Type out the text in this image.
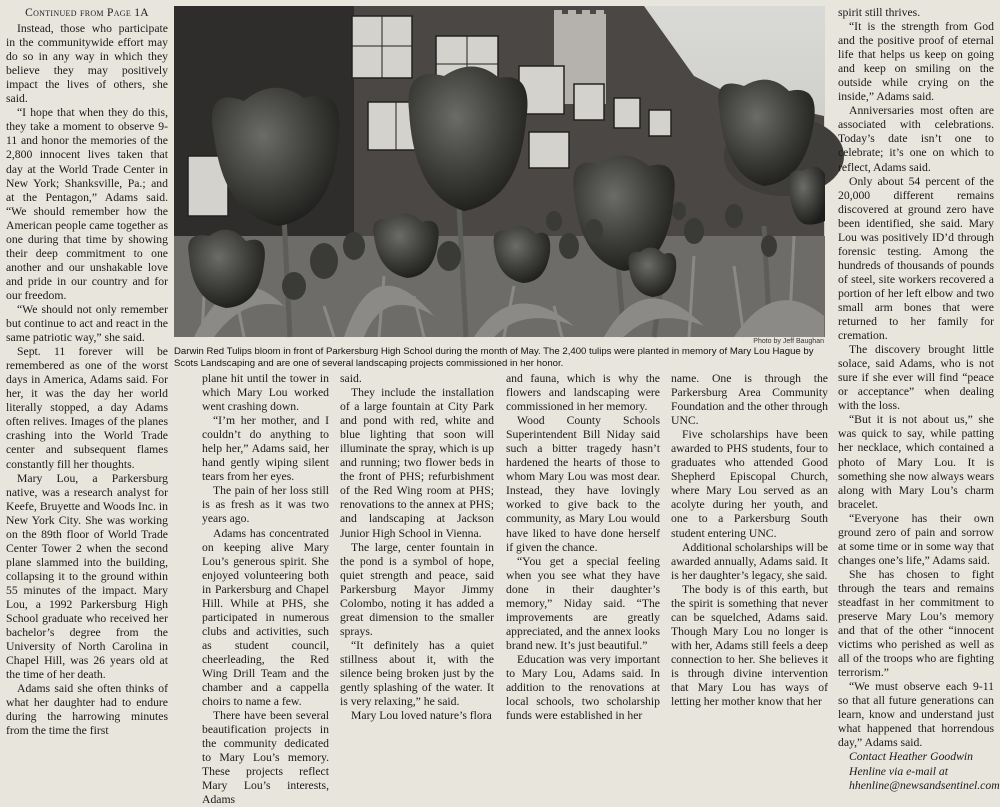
Continued from Page 1A

Instead, those who participate in the communitywide effort may do so in any way in which they believe they may positively impact the lives of others, she said.

“I hope that when they do this, they take a moment to observe 9-11 and honor the memories of the 2,800 innocent lives taken that day at the World Trade Center in New York; Shanksville, Pa.; and at the Pentagon,” Adams said. “We should remember how the American people came together as one during that time by showing their deep commitment to one another and our unshakable love and pride in our country and for our freedom.

“We should not only remember but continue to act and react in the same patriotic way,” she said.

Sept. 11 forever will be remembered as one of the worst days in America, Adams said. For her, it was the day her world literally stopped, a day Adams often relives. Images of the planes crashing into the World Trade center and subsequent flames constantly fill her thoughts.

Mary Lou, a Parkersburg native, was a research analyst for Keefe, Bruyette and Woods Inc. in New York City. She was working on the 89th floor of World Trade Center Tower 2 when the second plane slammed into the building, collapsing it to the ground within 55 minutes of the impact. Mary Lou, a 1992 Parkersburg High School graduate who received her bachelor’s degree from the University of North Carolina in Chapel Hill, was 26 years old at the time of her death.

Adams said she often thinks of what her daughter had to endure during the harrowing minutes from the time the first

Photo by Jeff Baughan
Darwin Red Tulips bloom in front of Parkersburg High School during the month of May. The 2,400 tulips were planted in memory of Mary Lou Hague by Scots Landscaping and are one of several landscaping projects commissioned in her honor.

plane hit until the tower in which Mary Lou worked went crashing down.

“I’m her mother, and I couldn’t do anything to help her,” Adams said, her hand gently wiping silent tears from her eyes.

The pain of her loss still is as fresh as it was two years ago.

Adams has concentrated on keeping alive Mary Lou’s generous spirit. She enjoyed volunteering both in Parkersburg and Chapel Hill. While at PHS, she participated in numerous clubs and activities, such as student council, cheerleading, the Red Wing Drill Team and the chamber and a cappella choirs to name a few.

There have been several beautification projects in the community dedicated to Mary Lou’s memory. These projects reflect Mary Lou’s interests, Adams

said.

They include the installation of a large fountain at City Park and pond with red, white and blue lighting that soon will illuminate the spray, which is up and running; two flower beds in the front of PHS; refurbishment of the Red Wing room at PHS; renovations to the annex at PHS; and landscaping at Jackson Junior High School in Vienna.

The large, center fountain in the pond is a symbol of hope, quiet strength and peace, said Parkersburg Mayor Jimmy Colombo, noting it has added a great dimension to the smaller sprays.

“It definitely has a quiet stillness about it, with the silence being broken just by the gently splashing of the water. It is very relaxing,” he said.

Mary Lou loved nature’s flora

and fauna, which is why the flowers and landscaping were commissioned in her memory.

Wood County Schools Superintendent Bill Niday said such a bitter tragedy hasn’t hardened the hearts of those to whom Mary Lou was most dear. Instead, they have lovingly worked to give back to the community, as Mary Lou would have liked to have done herself if given the chance.

“You get a special feeling when you see what they have done in their daughter’s memory,” Niday said. “The improvements are greatly appreciated, and the annex looks brand new. It’s just beautiful.”

Education was very important to Mary Lou, Adams said. In addition to the renovations at local schools, two scholarship funds were established in her

name. One is through the Parkersburg Area Community Foundation and the other through UNC.

Five scholarships have been awarded to PHS students, four to graduates who attended Good Shepherd Episcopal Church, where Mary Lou served as an acolyte during her youth, and one to a Parkersburg South student entering UNC.

Additional scholarships will be awarded annually, Adams said. It is her daughter’s legacy, she said.

The body is of this earth, but the spirit is something that never can be squelched, Adams said. Though Mary Lou no longer is with her, Adams still feels a deep connection to her. She believes it is through divine intervention that Mary Lou has ways of letting her mother know that her

spirit still thrives.

“It is the strength from God and the positive proof of eternal life that helps us keep on going and keep on smiling on the outside while crying on the inside,” Adams said.

Anniversaries most often are associated with celebrations. Today’s date isn’t one to celebrate; it’s one on which to reflect, Adams said.

Only about 54 percent of the 20,000 different remains discovered at ground zero have been identified, she said. Mary Lou was positively ID’d through forensic testing. Among the hundreds of thousands of pounds of steel, site workers recovered a portion of her left elbow and two small arm bones that were returned to her family for cremation.

The discovery brought little solace, said Adams, who is not sure if she ever will find “peace or acceptance” when dealing with the loss.

“But it is not about us,” she was quick to say, while patting her necklace, which contained a photo of Mary Lou. It is something she now always wears along with Mary Lou’s charm bracelet.

“Everyone has their own ground zero of pain and sorrow at some time or in some way that changes one’s life,” Adams said.

She has chosen to fight through the tears and remains steadfast in her commitment to preserve Mary Lou’s memory and that of the other “innocent victims who perished as well as all of the troops who are fighting terrorism.”

“We must observe each 9-11 so that all future generations can learn, know and understand just what happened that horrendous day,” Adams said.

Contact Heather Goodwin

Henline via e-mail at

hhenline@newsandsentinel.com
